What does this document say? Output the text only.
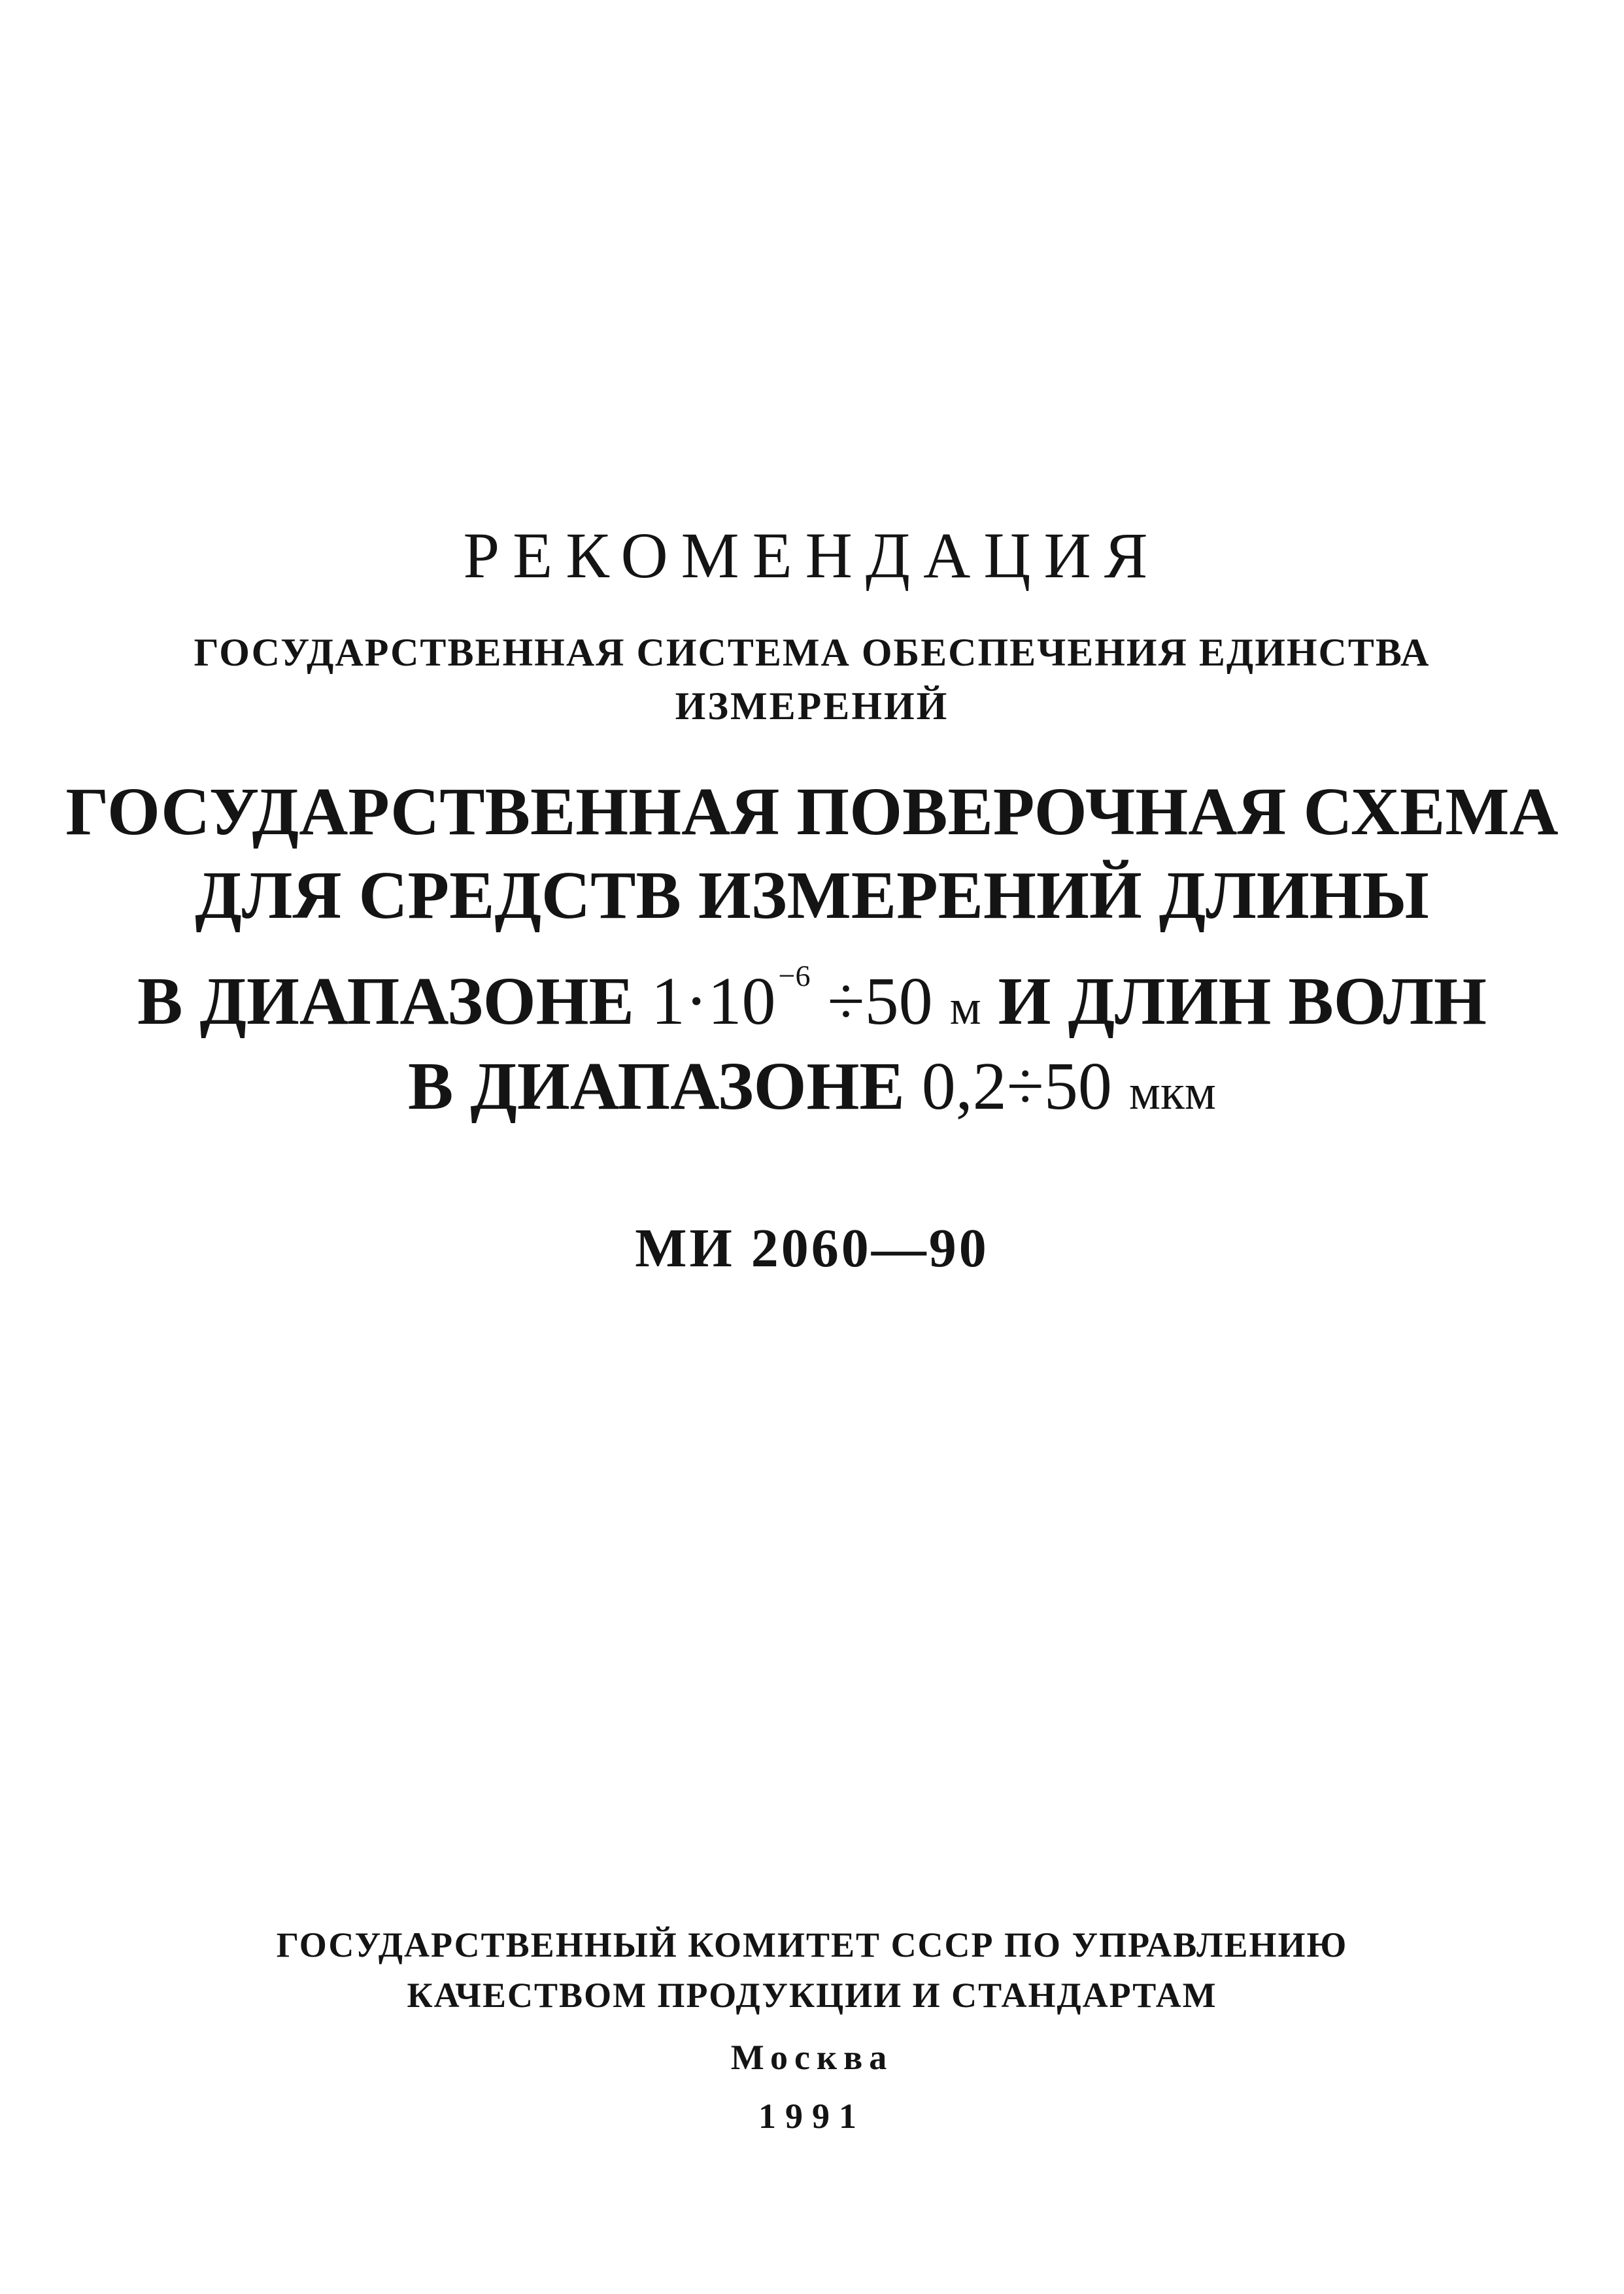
РЕКОМЕНДАЦИЯ
ГОСУДАРСТВЕННАЯ СИСТЕМА ОБЕСПЕЧЕНИЯ ЕДИНСТВА
ИЗМЕРЕНИЙ
ГОСУДАРСТВЕННАЯ ПОВЕРОЧНАЯ СХЕМА
ДЛЯ СРЕДСТВ ИЗМЕРЕНИЙ ДЛИНЫ
В ДИАПАЗОНЕ $1\cdot 10^{-6} \div 50$ м И ДЛИН ВОЛН
В ДИАПАЗОНЕ 0,2÷50 мкм
МИ 2060—90
ГОСУДАРСТВЕННЫЙ КОМИТЕТ СССР ПО УПРАВЛЕНИЮ
КАЧЕСТВОМ ПРОДУКЦИИ И СТАНДАРТАМ
Москва
1991
